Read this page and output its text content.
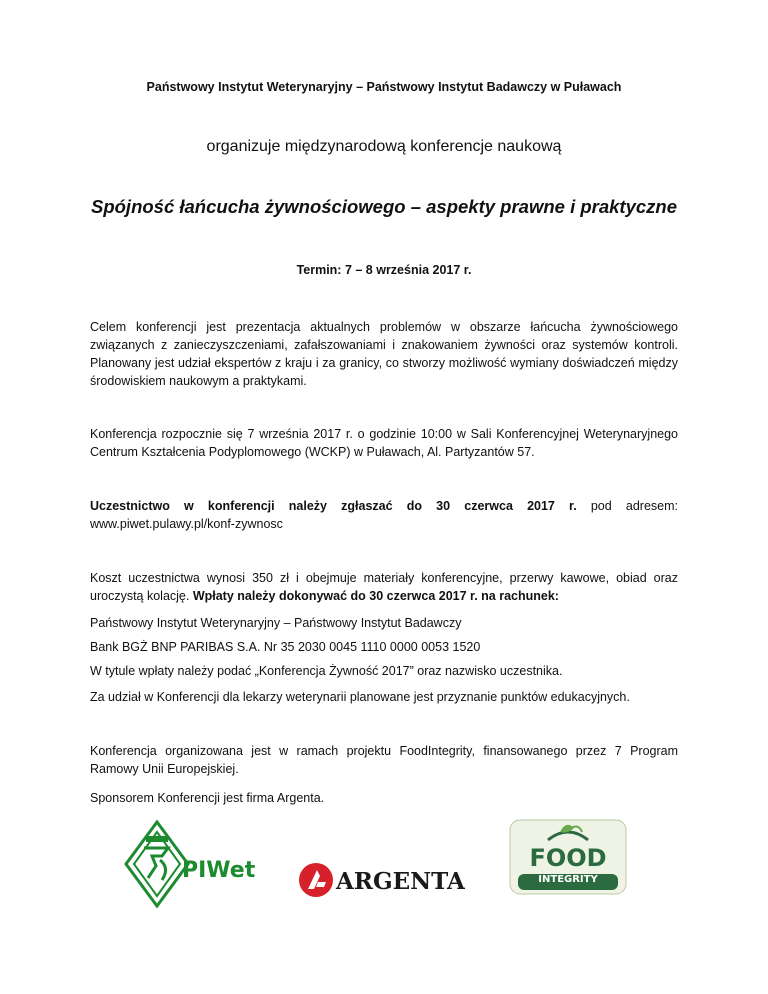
Państwowy Instytut Weterynaryjny – Państwowy Instytut Badawczy w Puławach
organizuje międzynarodową konferencje naukową
Spójność łańcucha żywnościowego – aspekty prawne i praktyczne
Termin: 7 – 8 września 2017 r.
Celem konferencji jest prezentacja aktualnych problemów w obszarze łańcucha żywnościowego związanych z zanieczyszczeniami, zafałszowaniami i znakowaniem żywności oraz systemów kontroli. Planowany jest udział ekspertów z kraju i za granicy, co stworzy możliwość wymiany doświadczeń między środowiskiem naukowym a praktykami.
Konferencja rozpocznie się 7 września 2017 r. o godzinie 10:00 w Sali Konferencyjnej Weterynaryjnego Centrum Kształcenia Podyplomowego (WCKP) w Puławach, Al. Partyzantów 57.
Uczestnictwo w konferencji należy zgłaszać do 30 czerwca 2017 r. pod adresem:
www.piwet.pulawy.pl/konf-zywnosc
Koszt uczestnictwa wynosi 350 zł i obejmuje materiały konferencyjne, przerwy kawowe, obiad oraz uroczystą kolację. Wpłaty należy dokonywać do 30 czerwca 2017 r. na rachunek:
Państwowy Instytut Weterynaryjny – Państwowy Instytut Badawczy
Bank BGŻ BNP PARIBAS S.A. Nr 35 2030 0045 1110 0000 0053 1520
W tytule wpłaty należy podać „Konferencja Żywność 2017” oraz nazwisko uczestnika.
Za udział w Konferencji dla lekarzy weterynarii planowane jest przyznanie punktów edukacyjnych.
Konferencja organizowana jest w ramach projektu FoodIntegrity, finansowanego przez 7 Program Ramowy Unii Europejskiej.
Sponsorem Konferencji jest firma Argenta.
PIWet	ARGENTA
FOOD
INTEGRITY
